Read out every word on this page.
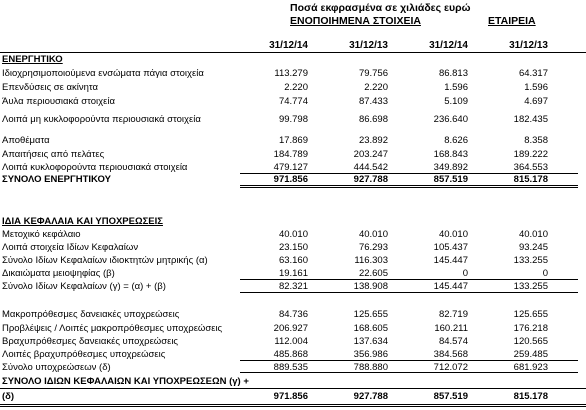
Ποσά εκφρασμένα σε χιλιάδες ευρώ
ΕΝΟΠΟΙΗΜΕΝΑ ΣΤΟΙΧΕΙΑ	ΕΤΑΙΡΕΙΑ
31/12/14	31/12/13	31/12/14	31/12/13
ΕΝΕΡΓΗΤΙΚΟ
Ιδιοχρησιμοποιούμενα ενσώματα πάγια στοιχεία	113.279	79.756	86.813	64.317
Επενδύσεις σε ακίνητα	2.220	2.220	1.596	1.596
Άυλα περιουσιακά στοιχεία	74.774	87.433	5.109	4.697
Λοιπά μη κυκλοφορούντα περιουσιακά στοιχεία	99.798	86.698	236.640	182.435
Αποθέματα	17.869	23.892	8.626	8.358
Απαιτήσεις από πελάτες	184.789	203.247	168.843	189.222
Λοιπά κυκλοφορούντα περιουσιακά στοιχεία	479.127	444.542	349.892	364.553
ΣΥΝΟΛΟ ΕΝΕΡΓΗΤΙΚΟΥ	971.856	927.788	857.519	815.178
ΙΔΙΑ ΚΕΦΑΛΑΙΑ ΚΑΙ ΥΠΟΧΡΕΩΣΕΙΣ
Μετοχικό κεφάλαιο	40.010	40.010	40.010	40.010
Λοιπά στοιχεία Ιδίων Κεφαλαίων	23.150	76.293	105.437	93.245
Σύνολο Ιδίων Κεφαλαίων ιδιοκτητών μητρικής (α)	63.160	116.303	145.447	133.255
Δικαιώματα μειοψηφίας (β)	19.161	22.605	0	0
Σύνολο Ιδίων Κεφαλαίων (γ) = (α) + (β)	82.321	138.908	145.447	133.255
Μακροπρόθεσμες δανειακές υποχρεώσεις	84.736	125.655	82.719	125.655
Προβλέψεις / Λοιπές μακροπρόθεσμες υποχρεώσεις	206.927	168.605	160.211	176.218
Βραχυπρόθεσμες δανειακές υποχρεώσεις	112.004	137.634	84.574	120.565
Λοιπές βραχυπρόθεσμες υποχρεώσεις	485.868	356.986	384.568	259.485
Σύνολο υποχρεώσεων (δ)	889.535	788.880	712.072	681.923
ΣΥΝΟΛΟ ΙΔΙΩΝ ΚΕΦΑΛΑΙΩΝ ΚΑΙ ΥΠΟΧΡΕΩΣΕΩΝ (γ) +
(δ)	971.856	927.788	857.519	815.178
